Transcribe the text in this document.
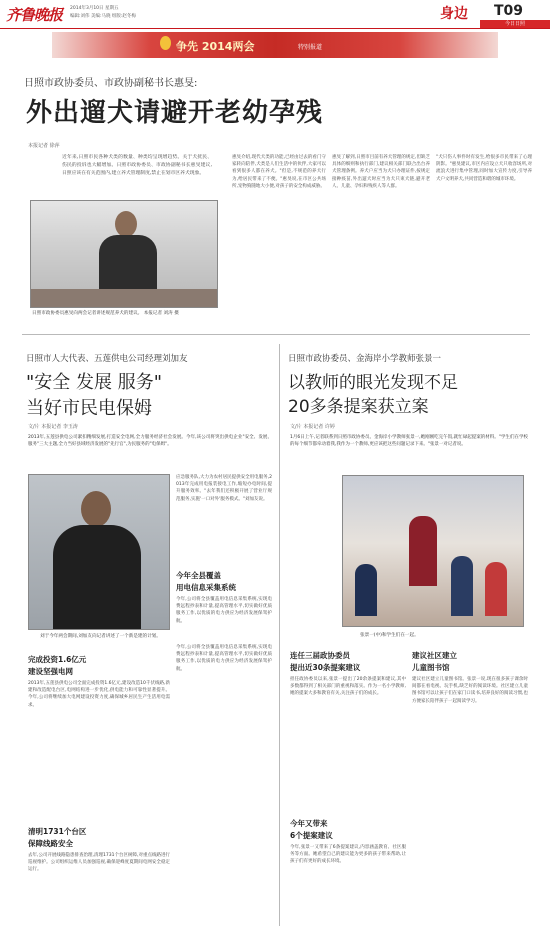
齐鲁晚报 2014年3月10日 星期五
编辑:刘伟 美编:马晓 组版:赵冬梅	身边 T09
今日日照
争先 2014两会	特别报道
日照市政协委员、市政协副秘书长惠旻:
外出遛犬请避开老幼孕残
本报记者 徐萍
近年来,日照市民各种犬类的数量、种类均呈现增趋势。关于犬扰民、伤民的投诉也大幅增加。日照市政协委员、市政协副秘书长惠旻建议,日照应该在有关范围内,建立养犬管理制度,禁止在划市区养犬现象。
日照市政协委员惠旻向两会记者讲述规范养犬的建议。 本报记者 刘涛 摄
惠旻介绍,现代犬类的功能,已经由过去的看门守家转向陪伴,犬类是人们生活中的伙伴,大家可以看到很多人都在养犬。"但是,不规范的养犬行为,给居民带来了不便。"惠旻说,在市区公共场所,宠物狗随地大小便,对孩子的安全构成威胁。
惠旻了解到,日照市目前有养犬管理的规定,但缺乏具体的细则和执行部门,建议相关部门联合出台养犬管理条例。养犬户应当为犬只办理证件,按规定接种疫苗,外出遛犬时应当为犬只束犬链,避开老人、儿童、孕妇和残疾人等人群。
"犬只伤人事件时有发生,给很多市民带来了心理阴影。"惠旻建议,市区内应设立犬只收容场所,对流浪犬进行集中管理,同时加大宣传力度,引导养犬户文明养犬,共同营造和谐的城市环境。
日照市人大代表、五莲供电公司经理刘加友
"安全 发展 服务"
当好市民电保姆
文/片 本报记者 李玉涛
2013年,五莲县供电公司紧扣精细发展,打造安全电网,全力服务经济社会发展。今年,该公司将突出供电企业"安全、发展、服务"三大主题,全力当好县域经济发展的"先行官",为民服务的"电保姆"。
刘于今年两会期间,刘加友向记者讲述了一个新是建的计划。
应急服务队,大力为农村居民提供安全用电服务,2013年完成用电报装接电工作,缩短办电时间,提升服务效率。"去年我们还积极开展了营业厅规范服务,实施'一口对外'服务模式。"刘加友说。
今年全县覆盖
用电信息采集系统
今年,公司将全县覆盖用电信息采集系统,实现电费远程抄表和计量,提高管理水平,切实做好优质服务工作,以优质的电力供应为经济发展保驾护航。
完成投资1.6亿元
建设坚强电网
2013年,五莲县供电公司全面完成投资1.6亿元,建设改造10千伏线路,新建和改造配电台区,电网结构进一步优化,供电能力和可靠性显著提升。今年,公司将继续加大电网建设投资力度,确保城乡居民生产生活用电需求。
清明1731个台区
保障线路安全
去年,公司开展线路隐患排查治理,清理1731个台区树障,对重点线路进行巡视维护。公司组织运维人员加强巡视,确保迎峰度夏期间电网安全稳定运行。
今年,公司将全县覆盖用电信息采集系统,实现电费远程抄表和计量,提高管理水平,切实做好优质服务工作,以优质的电力供应为经济发展保驾护航。
日照市政协委员、金海岸小学教师张景一
以教师的眼光发现不足
20多条提案获立案
文/片 本报记者 许婷
1月6日上午,记者联系到日照市政协委员、金海岸小学教师张景一,她刚刚吃完午饭,就忙碌起提案的材料。"学生们在学校的每个细节都牵动着我,我作为一个教师,更应该把这些问题记录下来。"张景一对记者说。
张景一(中)和学生们在一起。
连任三届政协委员
提出近30条提案建议
担任政协委员以来,张景一提出了20余条提案和建议,其中多数都得到了相关部门的重视和落实。作为一名小学教师,她的提案大多和教育有关,关注孩子们的成长。
今年又带来
6个提案建议
今年,张景一又带来了6条提案建议,内容涵盖教育、社区服务等方面。她希望自己的建议能为更多的孩子带来帮助,让孩子们有更好的成长环境。
建议社区建立
儿童图书馆
建议社区建立儿童图书馆。张景一说,现在很多孩子课余时间都在看电视、玩手机,缺乏好的阅读环境。社区建立儿童图书馆可以让孩子们在家门口读书,培养良好的阅读习惯,也方便家长陪伴孩子一起阅读学习。
